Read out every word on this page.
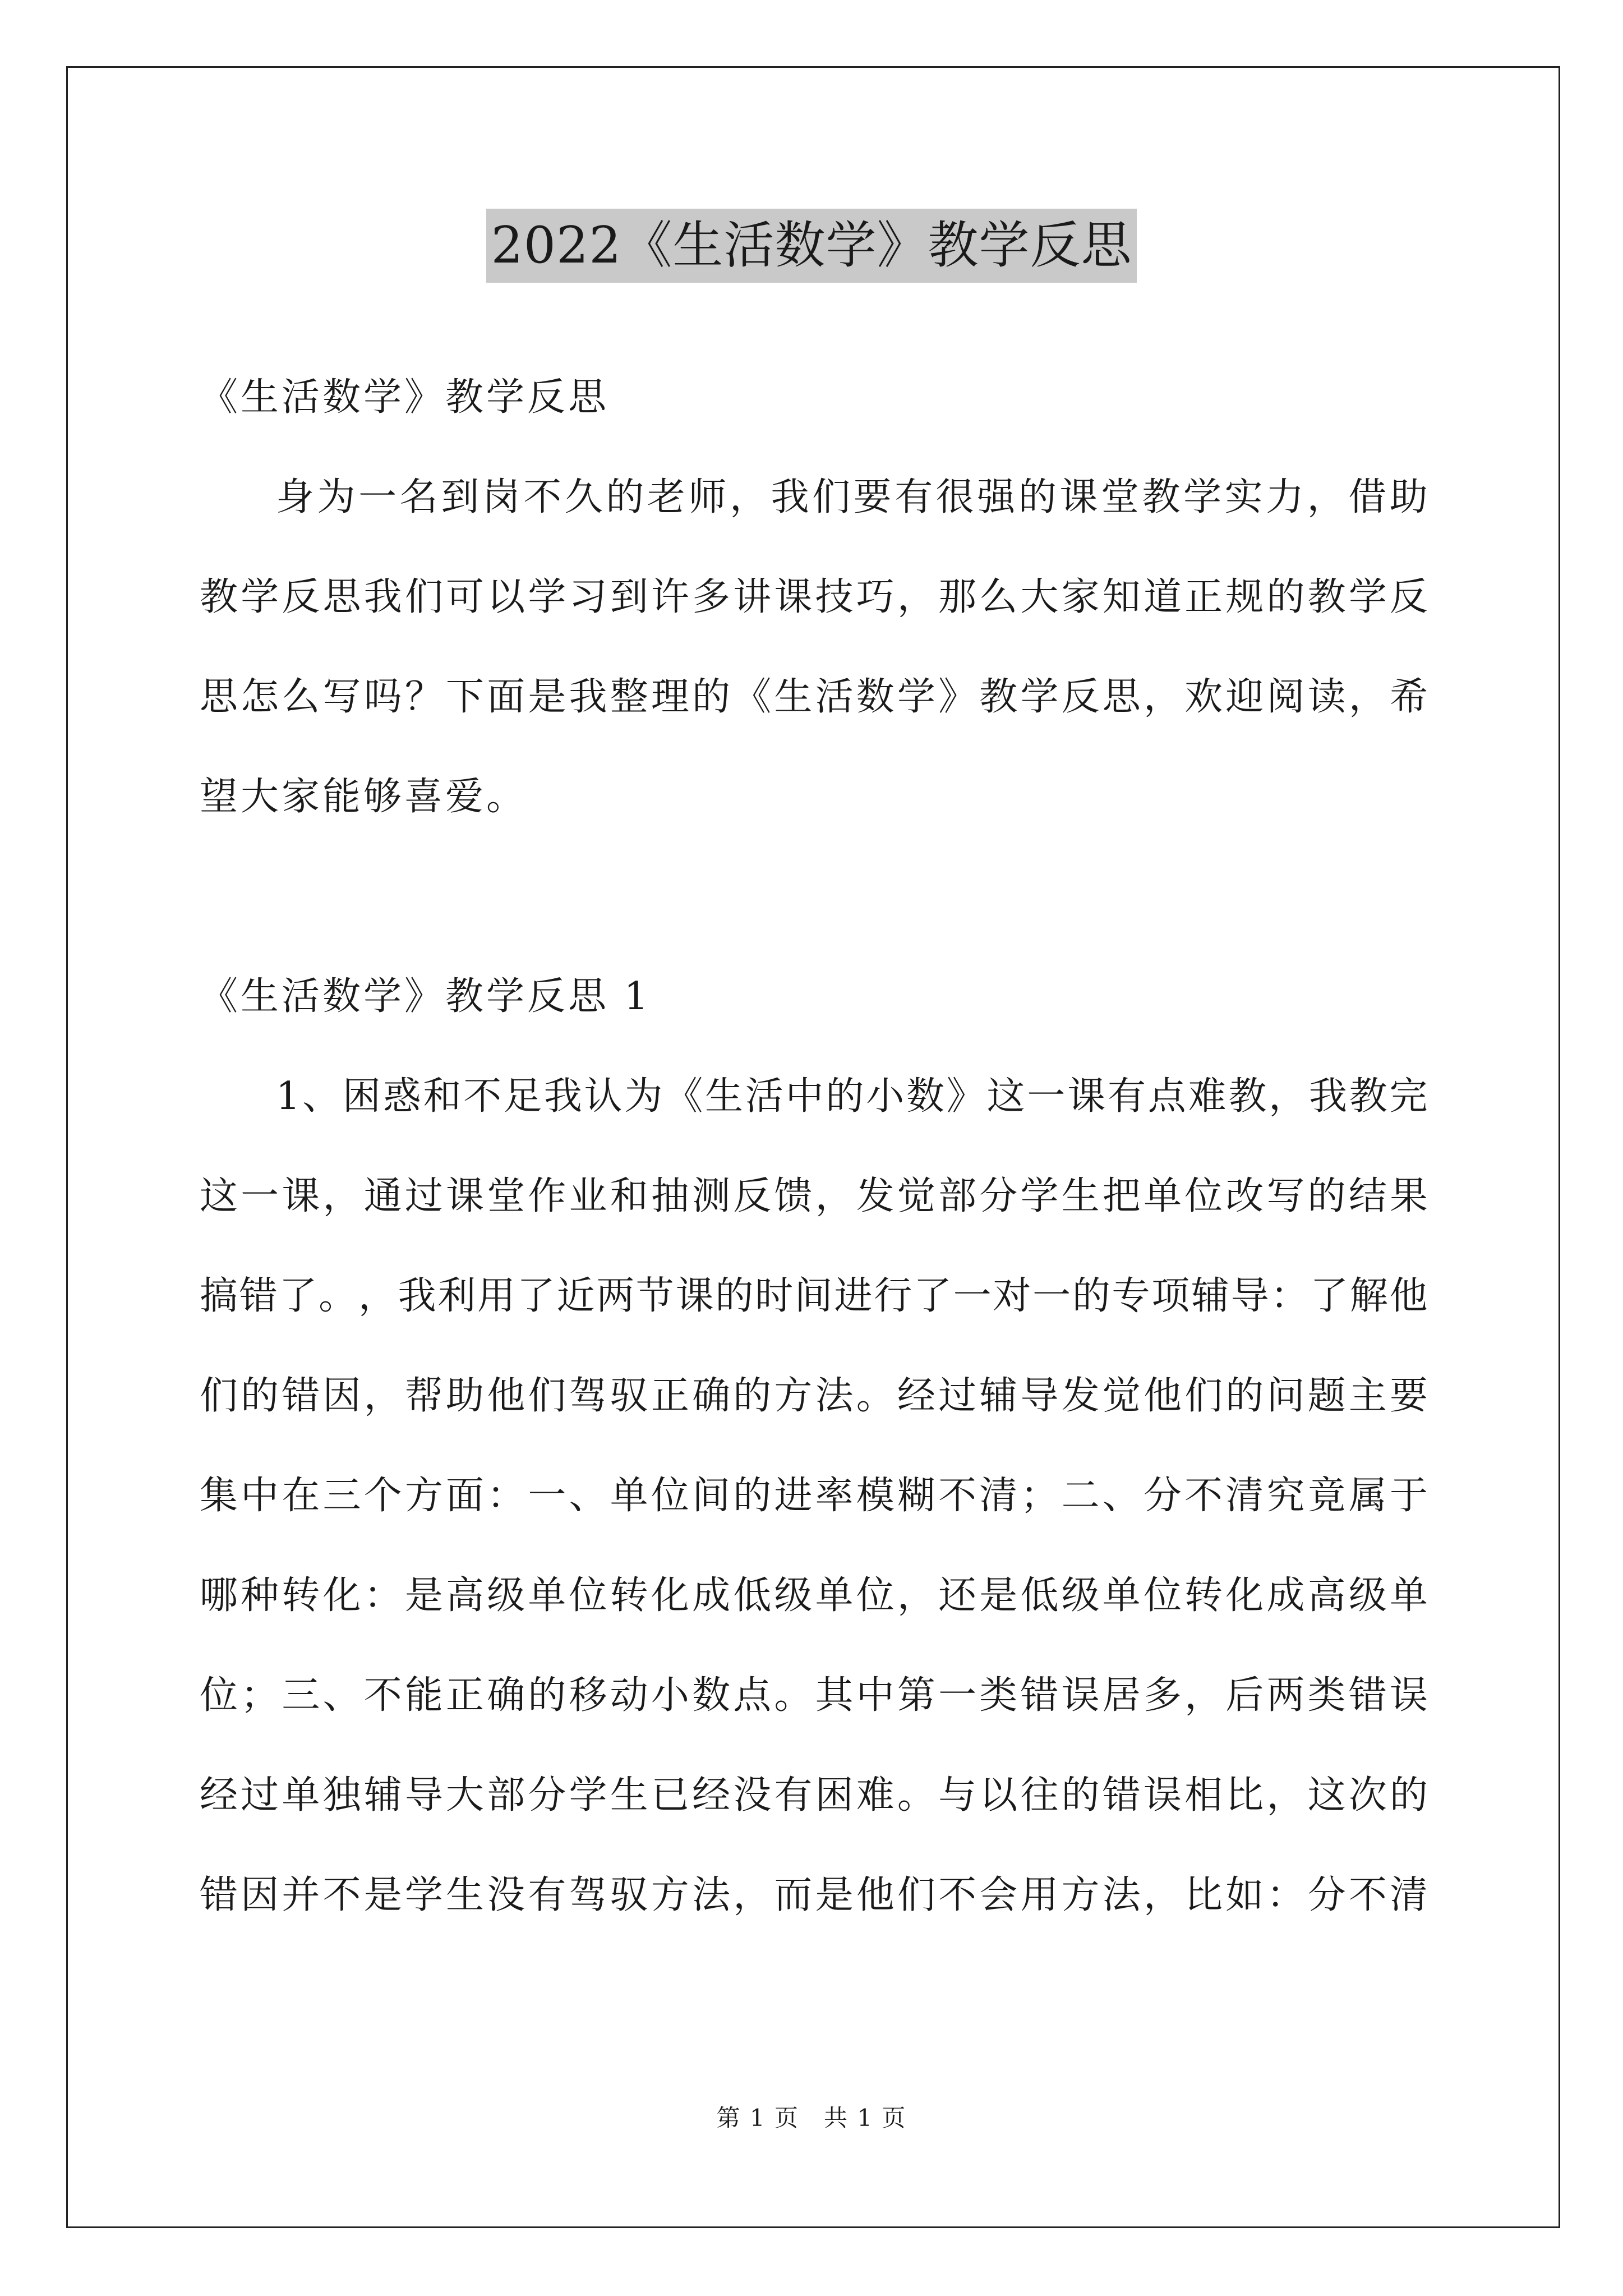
2022《生活数学》教学反思
《生活数学》教学反思
身 为 一 名 到 岗 不 久 的 老 师 ， 我 们 要 有 很 强 的 课 堂 教 学 实 力 ， 借 助
教 学 反 思 我 们 可 以 学 习 到 许 多 讲 课 技 巧 ， 那 么 大 家 知 道 正 规 的 教 学 反
思 怎 么 写 吗 ？ 下 面 是 我 整 理 的 《 生 活 数 学 》 教 学 反 思 ， 欢 迎 阅 读 ， 希
望大家能够喜爱。
《生活数学》教学反思 1
1 、 困 惑 和 不 足 我 认 为 《 生 活 中 的 小 数 》 这 一 课 有 点 难 教 ， 我 教 完
这 一 课 ， 通 过 课 堂 作 业 和 抽 测 反 馈 ， 发 觉 部 分 学 生 把 单 位 改 写 的 结 果
搞 错 了 。 ， 我 利 用 了 近 两 节 课 的 时 间 进 行 了 一 对 一 的 专 项 辅 导 ： 了 解 他
们 的 错 因 ， 帮 助 他 们 驾 驭 正 确 的 方 法 。 经 过 辅 导 发 觉 他 们 的 问 题 主 要
集 中 在 三 个 方 面 ： 一 、 单 位 间 的 进 率 模 糊 不 清 ； 二 、 分 不 清 究 竟 属 于
哪 种 转 化 ： 是 高 级 单 位 转 化 成 低 级 单 位 ， 还 是 低 级 单 位 转 化 成 高 级 单
位 ； 三 、 不 能 正 确 的 移 动 小 数 点 。 其 中 第 一 类 错 误 居 多 ， 后 两 类 错 误
经 过 单 独 辅 导 大 部 分 学 生 已 经 没 有 困 难 。 与 以 往 的 错 误 相 比 ， 这 次 的
错 因 并 不 是 学 生 没 有 驾 驭 方 法 ， 而 是 他 们 不 会 用 方 法 ， 比 如 ： 分 不 清
第 1 页　共 1 页
